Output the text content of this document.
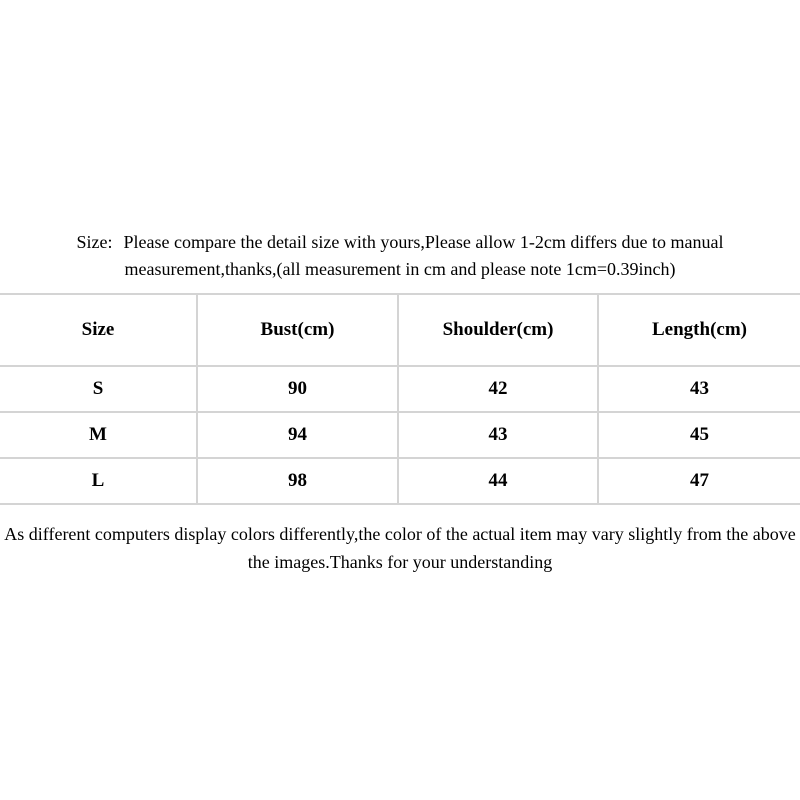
Size: Please compare the detail size with yours,Please allow 1-2cm differs due to manual
measurement,thanks,(all measurement in cm and please note 1cm=0.39inch)
Size	Bust(cm)	Shoulder(cm)	Length(cm)
S	90	42	43
M	94	43	45
L	98	44	47
As different computers display colors differently,the color of the actual item may vary slightly from the above
the images.Thanks for your understanding
